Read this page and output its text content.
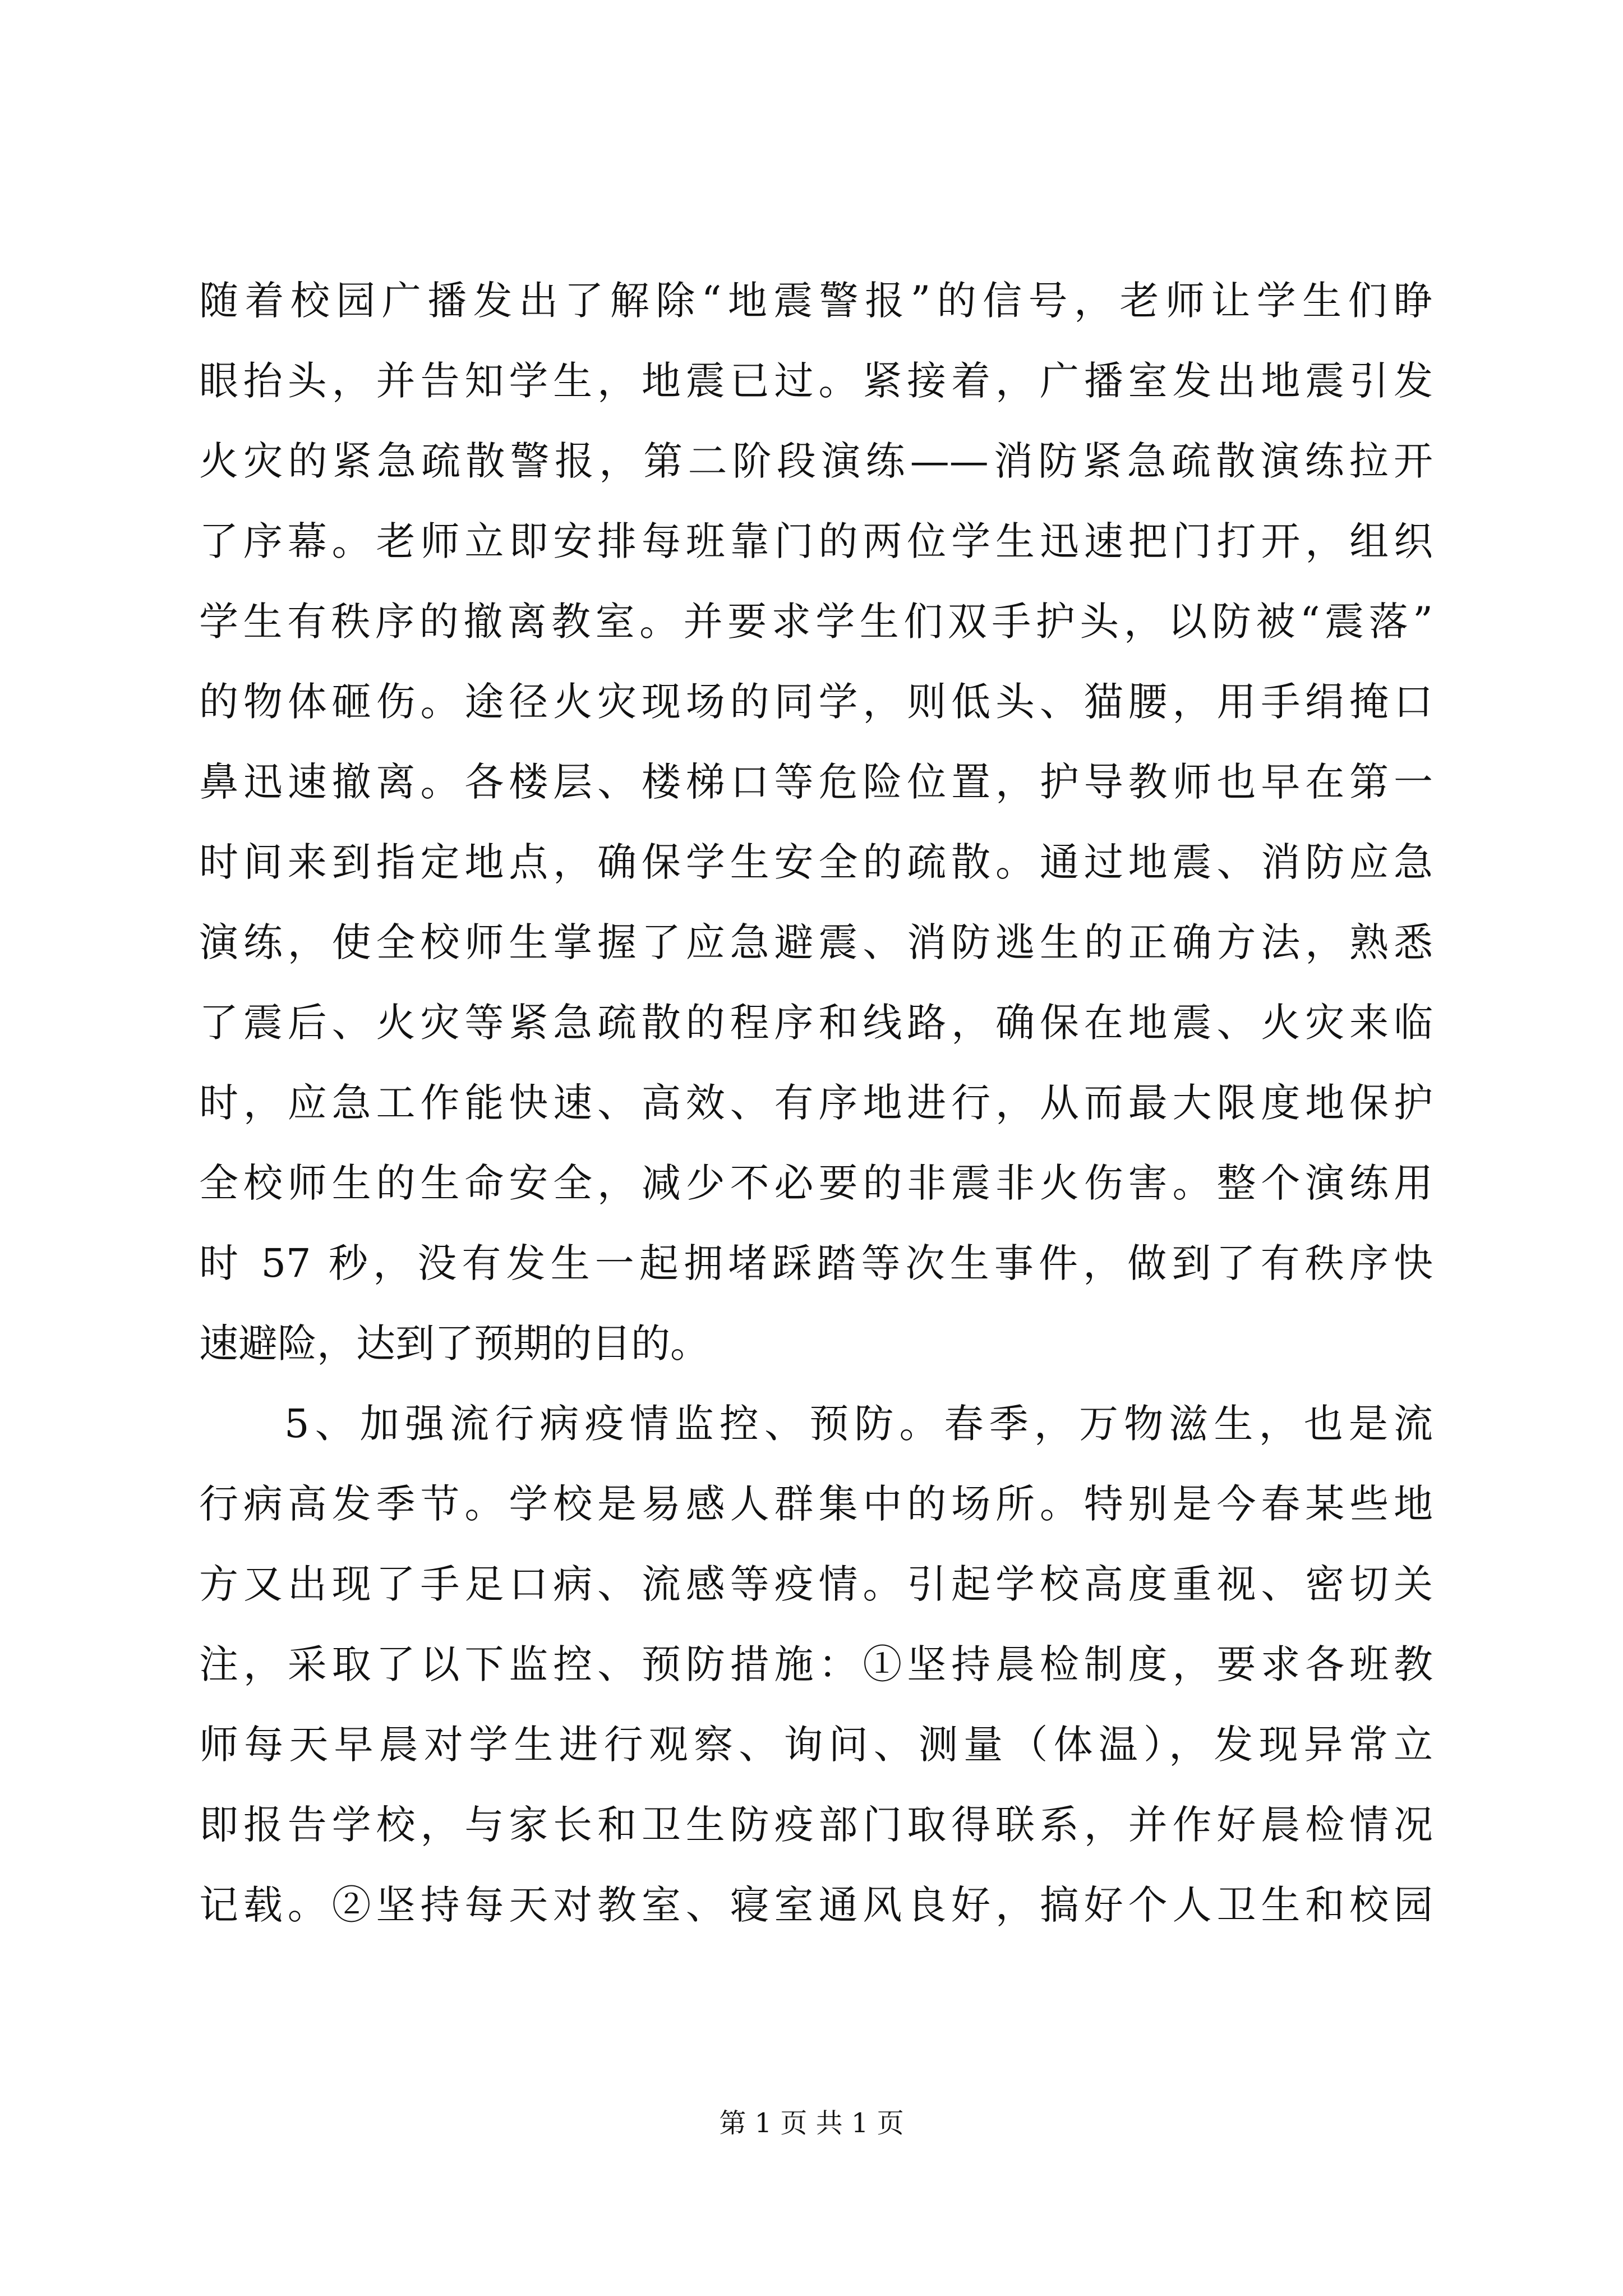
随着校园广播发出了解除“地震警报”的信号，老师让学生们睁
眼抬头，并告知学生，地震已过。紧接着，广播室发出地震引发
火灾的紧急疏散警报，第二阶段演练——消防紧急疏散演练拉开
了序幕。老师立即安排每班靠门的两位学生迅速把门打开，组织
学生有秩序的撤离教室。并要求学生们双手护头，以防被“震落”
的物体砸伤。途径火灾现场的同学，则低头、猫腰，用手绢掩口
鼻迅速撤离。各楼层、楼梯口等危险位置，护导教师也早在第一
时间来到指定地点，确保学生安全的疏散。通过地震、消防应急
演练，使全校师生掌握了应急避震、消防逃生的正确方法，熟悉
了震后、火灾等紧急疏散的程序和线路，确保在地震、火灾来临
时，应急工作能快速、高效、有序地进行，从而最大限度地保护
全校师生的生命安全，减少不必要的非震非火伤害。整个演练用
时 57 秒，没有发生一起拥堵踩踏等次生事件，做到了有秩序快
速避险，达到了预期的目的。
5、加强流行病疫情监控、预防。春季，万物滋生，也是流
行病高发季节。学校是易感人群集中的场所。特别是今春某些地
方又出现了手足口病、流感等疫情。引起学校高度重视、密切关
注，采取了以下监控、预防措施：①坚持晨检制度，要求各班教
师每天早晨对学生进行观察、询问、测量（体温），发现异常立
即报告学校，与家长和卫生防疫部门取得联系，并作好晨检情况
记载。②坚持每天对教室、寝室通风良好，搞好个人卫生和校园
第 1 页 共 1 页
